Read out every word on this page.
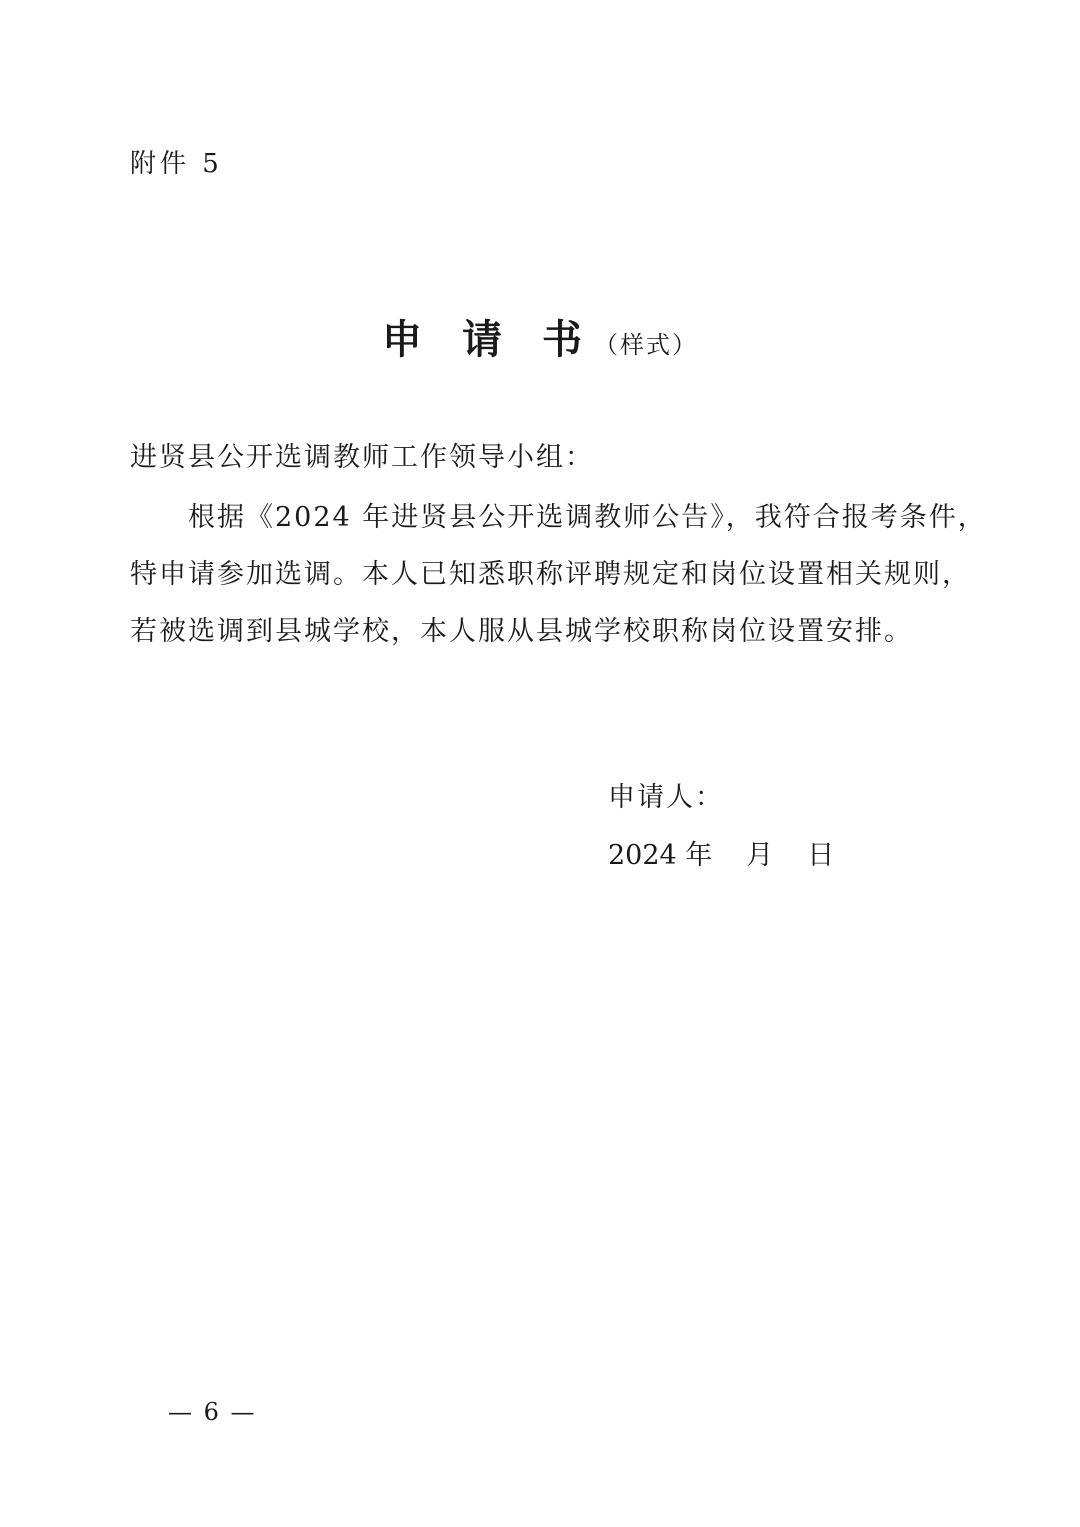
附件 5
申请书（样式）
进贤县公开选调教师工作领导小组：
根据《2024 年进贤县公开选调教师公告》，我符合报考条件，
特申请参加选调。本人已知悉职称评聘规定和岗位设置相关规则，
若被选调到县城学校，本人服从县城学校职称岗位设置安排。
申请人：
2024 年 月 日
— 6 —
